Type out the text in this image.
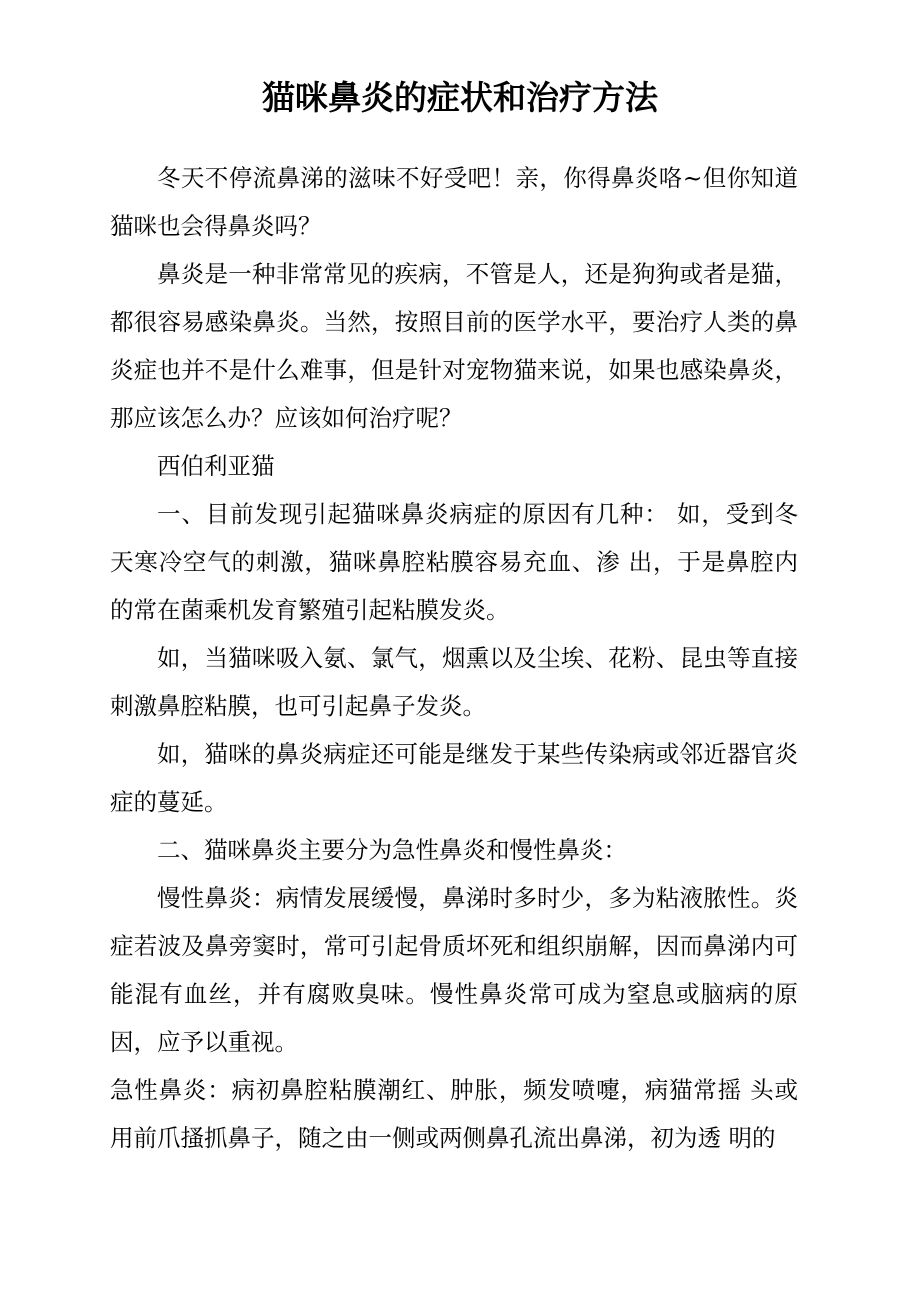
猫咪鼻炎的症状和治疗方法

冬天不停流鼻涕的滋味不好受吧！亲，你得鼻炎咯~但你知道猫咪也会得鼻炎吗？

鼻炎是一种非常常见的疾病，不管是人，还是狗狗或者是猫，都很容易感染鼻炎。当然，按照目前的医学水平，要治疗人类的鼻炎症也并不是什么难事，但是针对宠物猫来说，如果也感染鼻炎，那应该怎么办？应该如何治疗呢？

西伯利亚猫

一、目前发现引起猫咪鼻炎病症的原因有几种： 如，受到冬天寒冷空气的刺激，猫咪鼻腔粘膜容易充血、渗 出，于是鼻腔内的常在菌乘机发育繁殖引起粘膜发炎。

如，当猫咪吸入氨、氯气，烟熏以及尘埃、花粉、昆虫等直接刺激鼻腔粘膜，也可引起鼻子发炎。

如，猫咪的鼻炎病症还可能是继发于某些传染病或邻近器官炎症的蔓延。

二、猫咪鼻炎主要分为急性鼻炎和慢性鼻炎：

慢性鼻炎：病情发展缓慢，鼻涕时多时少，多为粘液脓性。炎症若波及鼻旁窦时，常可引起骨质坏死和组织崩解，因而鼻涕内可能混有血丝，并有腐败臭味。慢性鼻炎常可成为窒息或脑病的原因，应予以重视。

急性鼻炎：病初鼻腔粘膜潮红、肿胀，频发喷嚏，病猫常摇 头或用前爪搔抓鼻子，随之由一侧或两侧鼻孔流出鼻涕，初为透 明的
